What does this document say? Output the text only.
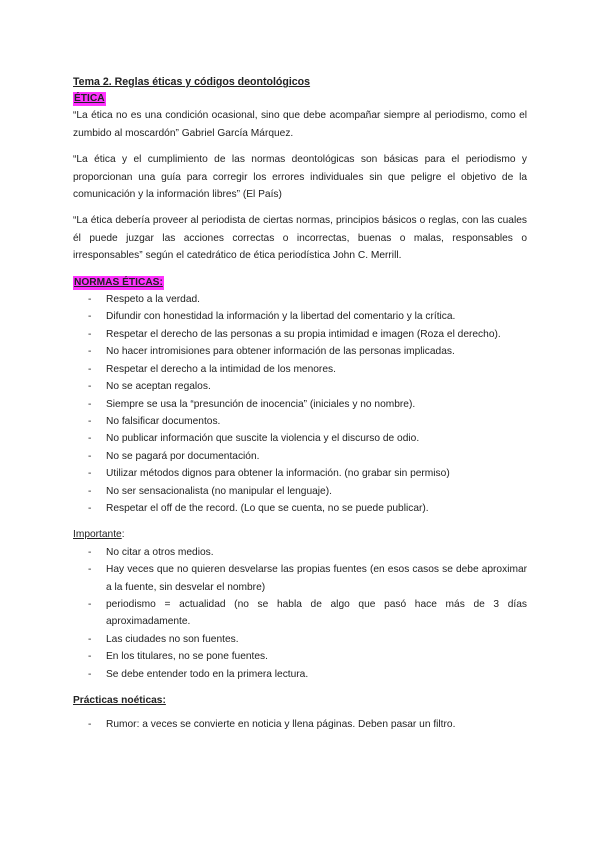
Tema 2. Reglas éticas y códigos deontológicos
ÉTICA

“La ética no es una condición ocasional, sino que debe acompañar siempre al periodismo, como el zumbido al moscardón” Gabriel García Márquez.

“La ética y el cumplimiento de las normas deontológicas son básicas para el periodismo y proporcionan una guía para corregir los errores individuales sin que peligre el objetivo de la comunicación y la información libres” (El País)

“La ética debería proveer al periodista de ciertas normas, principios básicos o reglas, con las cuales él puede juzgar las acciones correctas o incorrectas, buenas o malas, responsables o irresponsables” según el catedrático de ética periodística John C. Merrill.

NORMAS ÉTICAS:
- Respeto a la verdad.
- Difundir con honestidad la información y la libertad del comentario y la crítica.
- Respetar el derecho de las personas a su propia intimidad e imagen (Roza el derecho).
- No hacer intromisiones para obtener información de las personas implicadas.
- Respetar el derecho a la intimidad de los menores.
- No se aceptan regalos.
- Siempre se usa la “presunción de inocencia” (iniciales y no nombre).
- No falsificar documentos.
- No publicar información que suscite la violencia y el discurso de odio.
- No se pagará por documentación.
- Utilizar métodos dignos para obtener la información. (no grabar sin permiso)
- No ser sensacionalista (no manipular el lenguaje).
- Respetar el off de the record. (Lo que se cuenta, no se puede publicar).
Importante:
- No citar a otros medios.
- Hay veces que no quieren desvelarse las propias fuentes (en esos casos se debe aproximar a la fuente, sin desvelar el nombre)
- periodismo = actualidad (no se habla de algo que pasó hace más de 3 días aproximadamente.
- Las ciudades no son fuentes.
- En los titulares, no se pone fuentes.
- Se debe entender todo en la primera lectura.
Prácticas noéticas:
- Rumor: a veces se convierte en noticia y llena páginas. Deben pasar un filtro.
